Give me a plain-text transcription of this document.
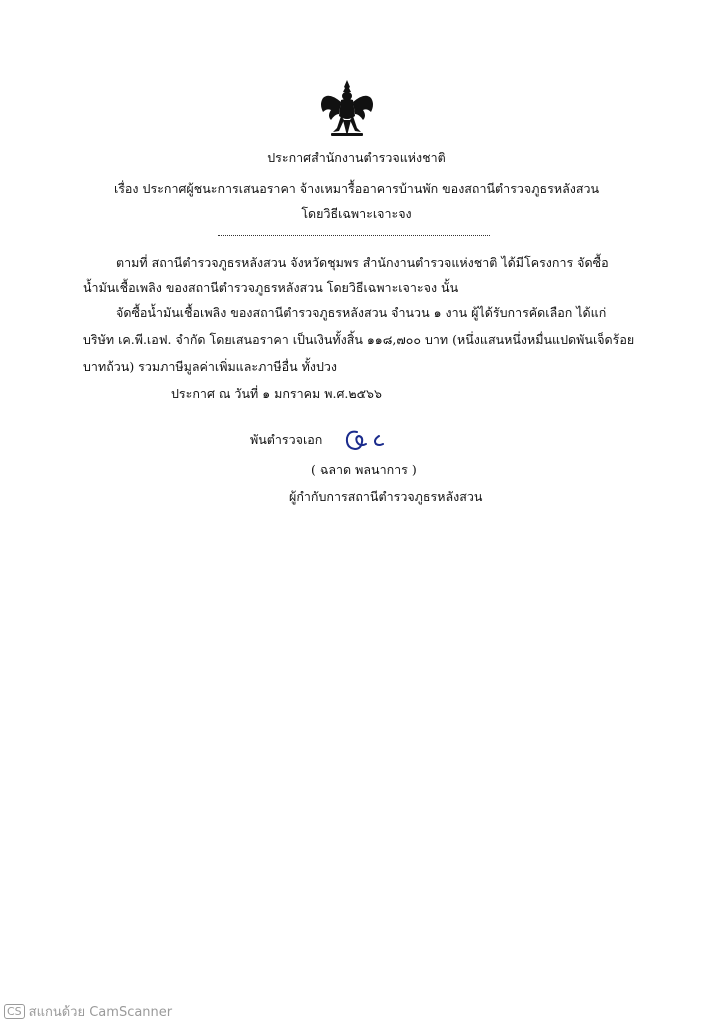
ประกาศสำนักงานตำรวจแห่งชาติ
เรื่อง ประกาศผู้ชนะการเสนอราคา จ้างเหมารื้ออาคารบ้านพัก ของสถานีตำรวจภูธรหลังสวน
โดยวิธีเฉพาะเจาะจง
ตามที่ สถานีตำรวจภูธรหลังสวน จังหวัดชุมพร สำนักงานตำรวจแห่งชาติ ได้มีโครงการ จัดซื้อ
น้ำมันเชื้อเพลิง ของสถานีตำรวจภูธรหลังสวน โดยวิธีเฉพาะเจาะจง นั้น
จัดซื้อน้ำมันเชื้อเพลิง ของสถานีตำรวจภูธรหลังสวน จำนวน ๑ งาน ผู้ได้รับการคัดเลือก ได้แก่
บริษัท เค.พี.เอฟ. จำกัด โดยเสนอราคา เป็นเงินทั้งสิ้น ๑๑๘,๗๐๐ บาท (หนึ่งแสนหนึ่งหมื่นแปดพันเจ็ดร้อย
บาทถ้วน) รวมภาษีมูลค่าเพิ่มและภาษีอื่น ทั้งปวง
ประกาศ ณ วันที่ ๑ มกราคม พ.ศ.๒๕๖๖
พันตำรวจเอก
( ฉลาด พลนาการ )
ผู้กำกับการสถานีตำรวจภูธรหลังสวน
CS สแกนด้วย CamScanner
